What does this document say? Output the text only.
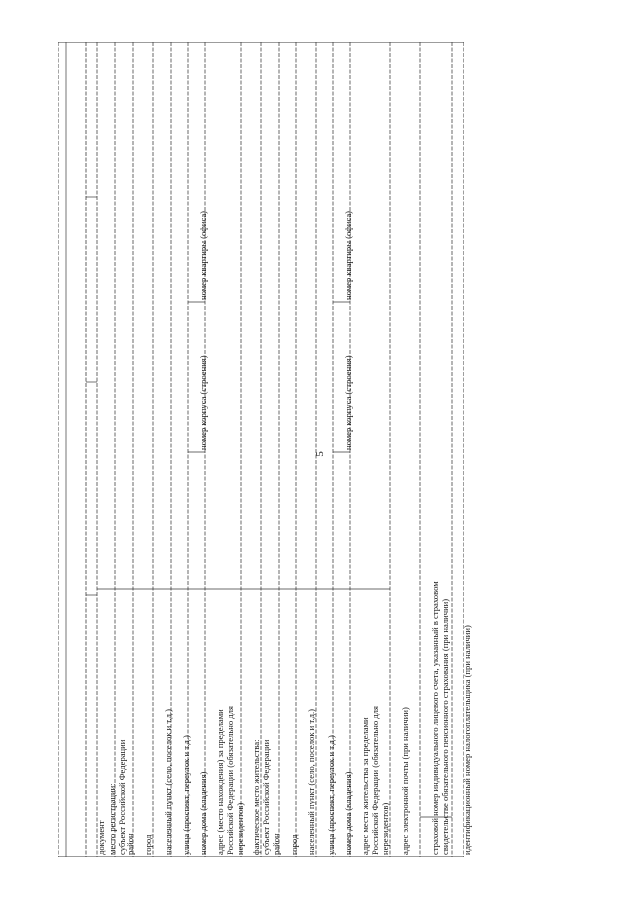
5
документ место регистрации: субъект Российской Федерации
район город населенный пункт (село, поселок и т.д.) улица (проспект, переулок и т.д.) номер дома (владения)
номер корпуса (строения)
номер квартиры (офиса)
адрес (место нахождения) за пределами Российской Федерации (обязательно для нерезидентов) фактическое место жительства: субъект Российской Федерации район город населенный пункт (село, поселок и т.д.) улица (проспект, переулок и т.д.) номер дома (владения)
номер корпуса (строения)
номер квартиры (офиса)
адрес места жительства за пределами Российской Федерации (обязательно для нерезидентов) адрес электронной почты (при наличии) страховой номер индивидуального лицевого счета, указанный в страховом свидетельстве обязательного пенсионного страхования (при наличии) идентификационный номер налогоплательщика (при наличии)
